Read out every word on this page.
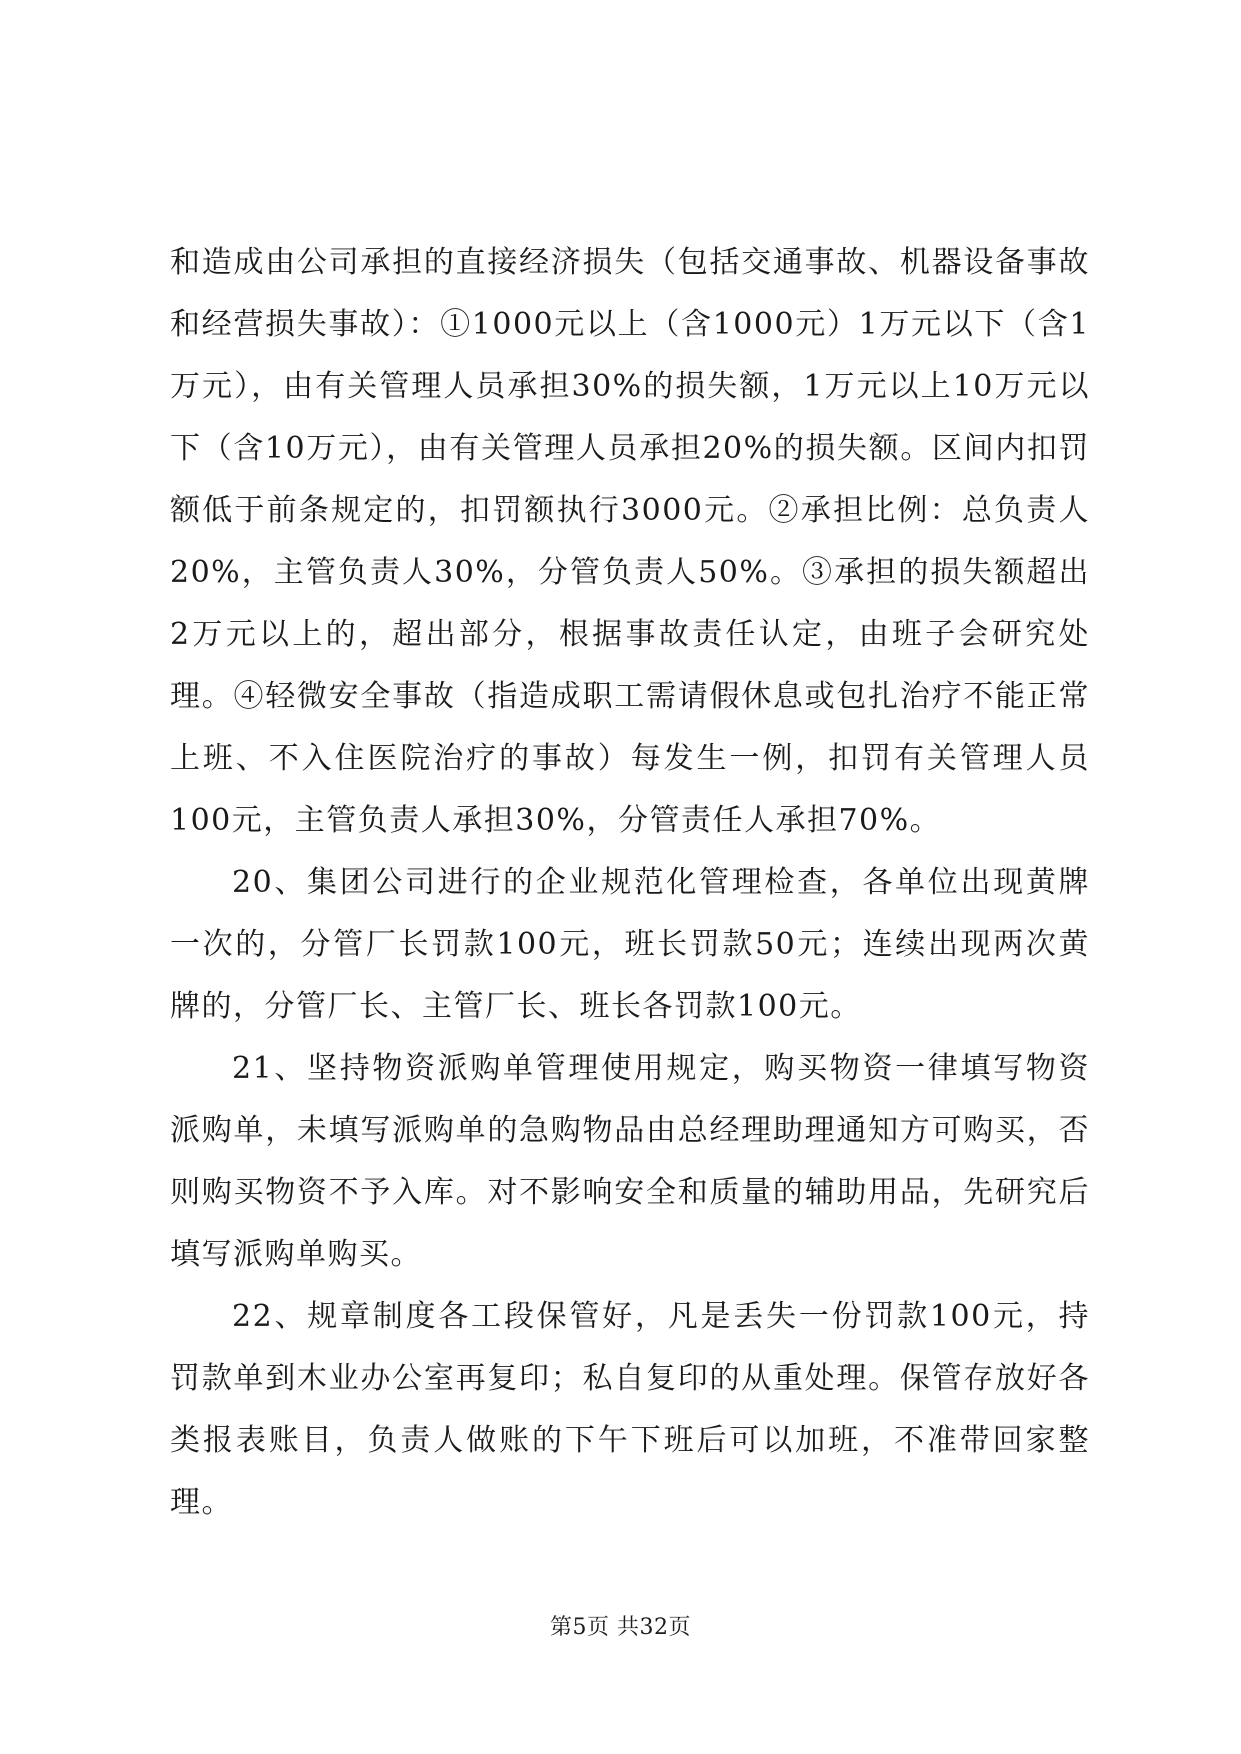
和造成由公司承担的直接经济损失（包括交通事故、机器设备事故和经营损失事故）：①1000元以上（含1000元）1万元以下（含1万元），由有关管理人员承担30%的损失额，1万元以上10万元以下（含10万元），由有关管理人员承担20%的损失额。区间内扣罚额低于前条规定的，扣罚额执行3000元。②承担比例：总负责人20%，主管负责人30%，分管负责人50%。③承担的损失额超出2万元以上的，超出部分，根据事故责任认定，由班子会研究处理。④轻微安全事故（指造成职工需请假休息或包扎治疗不能正常上班、不入住医院治疗的事故）每发生一例，扣罚有关管理人员100元，主管负责人承担30%，分管责任人承担70%。

20、集团公司进行的企业规范化管理检查，各单位出现黄牌一次的，分管厂长罚款100元，班长罚款50元；连续出现两次黄牌的，分管厂长、主管厂长、班长各罚款100元。

21、坚持物资派购单管理使用规定，购买物资一律填写物资派购单，未填写派购单的急购物品由总经理助理通知方可购买，否则购买物资不予入库。对不影响安全和质量的辅助用品，先研究后填写派购单购买。

22、规章制度各工段保管好，凡是丢失一份罚款100元，持罚款单到木业办公室再复印；私自复印的从重处理。保管存放好各类报表账目，负责人做账的下午下班后可以加班，不准带回家整理。

第5页 共32页
